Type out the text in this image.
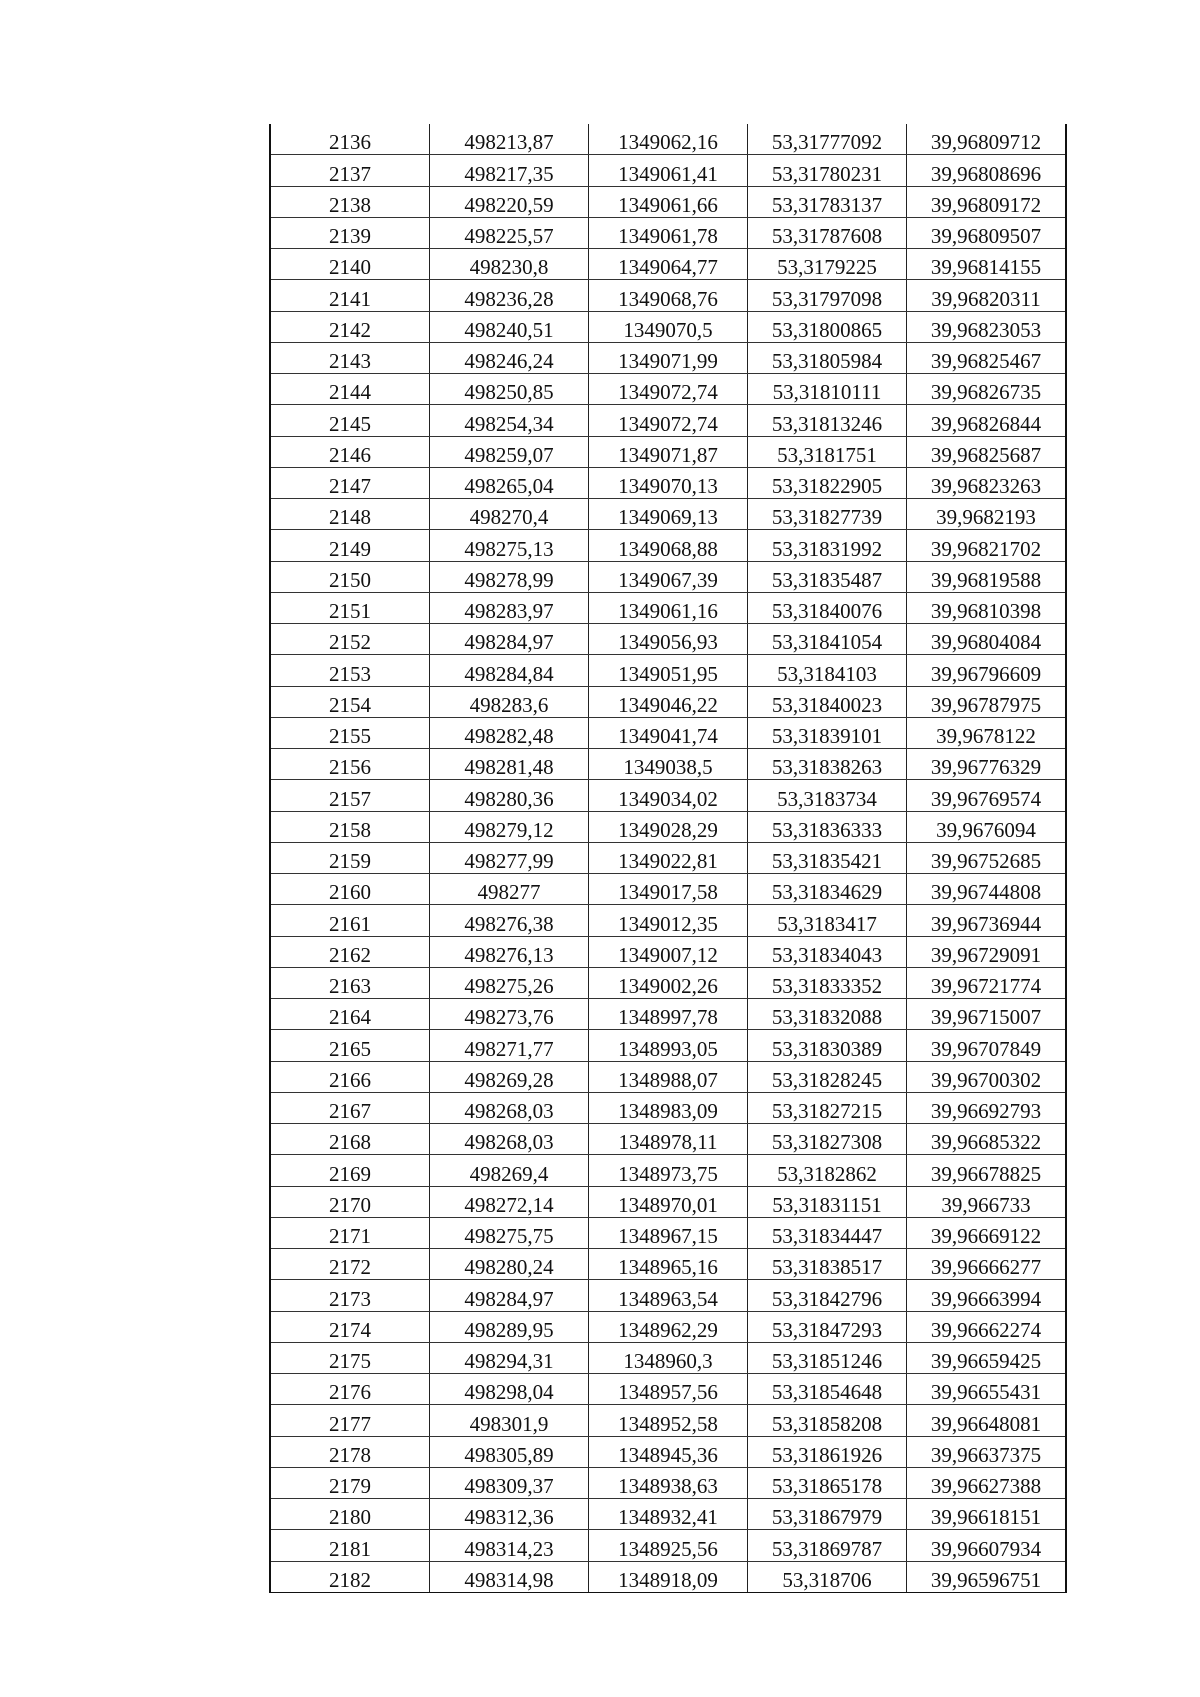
2136	498213,87	1349062,16	53,31777092	39,96809712
2137	498217,35	1349061,41	53,31780231	39,96808696
2138	498220,59	1349061,66	53,31783137	39,96809172
2139	498225,57	1349061,78	53,31787608	39,96809507
2140	498230,8	1349064,77	53,3179225	39,96814155
2141	498236,28	1349068,76	53,31797098	39,96820311
2142	498240,51	1349070,5	53,31800865	39,96823053
2143	498246,24	1349071,99	53,31805984	39,96825467
2144	498250,85	1349072,74	53,31810111	39,96826735
2145	498254,34	1349072,74	53,31813246	39,96826844
2146	498259,07	1349071,87	53,3181751	39,96825687
2147	498265,04	1349070,13	53,31822905	39,96823263
2148	498270,4	1349069,13	53,31827739	39,9682193
2149	498275,13	1349068,88	53,31831992	39,96821702
2150	498278,99	1349067,39	53,31835487	39,96819588
2151	498283,97	1349061,16	53,31840076	39,96810398
2152	498284,97	1349056,93	53,31841054	39,96804084
2153	498284,84	1349051,95	53,3184103	39,96796609
2154	498283,6	1349046,22	53,31840023	39,96787975
2155	498282,48	1349041,74	53,31839101	39,9678122
2156	498281,48	1349038,5	53,31838263	39,96776329
2157	498280,36	1349034,02	53,3183734	39,96769574
2158	498279,12	1349028,29	53,31836333	39,9676094
2159	498277,99	1349022,81	53,31835421	39,96752685
2160	498277	1349017,58	53,31834629	39,96744808
2161	498276,38	1349012,35	53,3183417	39,96736944
2162	498276,13	1349007,12	53,31834043	39,96729091
2163	498275,26	1349002,26	53,31833352	39,96721774
2164	498273,76	1348997,78	53,31832088	39,96715007
2165	498271,77	1348993,05	53,31830389	39,96707849
2166	498269,28	1348988,07	53,31828245	39,96700302
2167	498268,03	1348983,09	53,31827215	39,96692793
2168	498268,03	1348978,11	53,31827308	39,96685322
2169	498269,4	1348973,75	53,3182862	39,96678825
2170	498272,14	1348970,01	53,31831151	39,966733
2171	498275,75	1348967,15	53,31834447	39,96669122
2172	498280,24	1348965,16	53,31838517	39,96666277
2173	498284,97	1348963,54	53,31842796	39,96663994
2174	498289,95	1348962,29	53,31847293	39,96662274
2175	498294,31	1348960,3	53,31851246	39,96659425
2176	498298,04	1348957,56	53,31854648	39,96655431
2177	498301,9	1348952,58	53,31858208	39,96648081
2178	498305,89	1348945,36	53,31861926	39,96637375
2179	498309,37	1348938,63	53,31865178	39,96627388
2180	498312,36	1348932,41	53,31867979	39,96618151
2181	498314,23	1348925,56	53,31869787	39,96607934
2182	498314,98	1348918,09	53,318706	39,96596751
